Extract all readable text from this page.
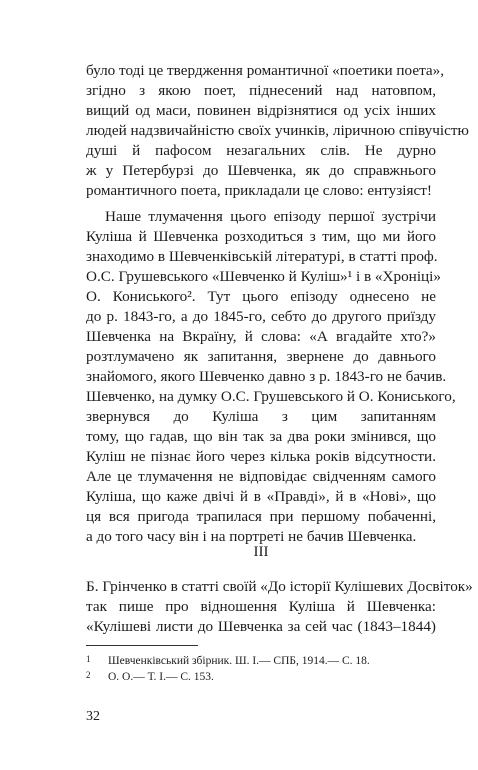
було тоді це твердження романтичної «поетики поета»,
згідно з якою поет, піднесений над натовпом,
вищий од маси, повинен відрізнятися од усіх інших
людей надзвичайністю своїх учинків, ліричною співучістю
душі й пафосом незагальних слів. Не дурно
ж у Петербурзі до Шевченка, як до справжнього
романтичного поета, прикладали це слово: ентузіяст!
Наше тлумачення цього епізоду першої зустрічи
Куліша й Шевченка розходиться з тим, що ми його
знаходимо в Шевченківській літературі, в статті проф.
О.С. Грушевського «Шевченко й Куліш»¹ і в «Хроніці»
О. Кониського². Тут цього епізоду однесено не
до р. 1843-го, а до 1845-го, себто до другого приїзду
Шевченка на Вкраїну, й слова: «А вгадайте хто?»
розтлумачено як запитання, звернене до давнього
знайомого, якого Шевченко давно з р. 1843-го не бачив.
Шевченко, на думку О.С. Грушевського й О. Кониського,
звернувся до Куліша з цим запитанням
тому, що гадав, що він так за два роки змінився, що
Куліш не пізнає його через кілька років відсутности.
Але це тлумачення не відповідає свідченням самого
Куліша, що каже двічі й в «Правді», й в «Нові», що
ця вся пригода трапилася при першому побаченні,
а до того часу він і на портреті не бачив Шевченка.
III
Б. Грінченко в статті своїй «До історії Кулішевих Досвіток»
так пише про відношення Куліша й Шевченка:
«Кулішеві листи до Шевченка за сей час (1843–1844)
1 Шевченківський збірник. Ш. І.— СПБ, 1914.— С. 18.
2 О. О.— Т. І.— С. 153.
32
